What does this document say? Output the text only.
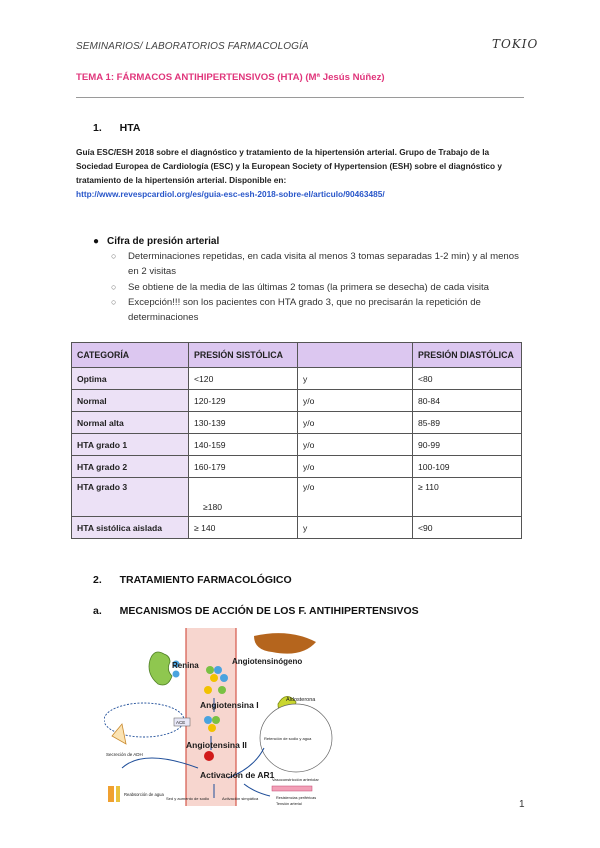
SEMINARIOS/ LABORATORIOS FARMACOLOGÍA	TOKIO
TEMA 1: FÁRMACOS ANTIHIPERTENSIVOS (HTA) (Mª Jesús Núñez)
1. HTA
Guía ESC/ESH 2018 sobre el diagnóstico y tratamiento de la hipertensión arterial. Grupo de Trabajo de la
Sociedad Europea de Cardiología (ESC) y la European Society of Hypertension (ESH) sobre el diagnóstico y
tratamiento de la hipertensión arterial. Disponible en:
http://www.revespcardiol.org/es/guia-esc-esh-2018-sobre-el/articulo/90463485/
● Cifra de presión arterial
○ Determinaciones repetidas, en cada visita al menos 3 tomas separadas 1-2 min) y al menos en 2 visitas
○ Se obtiene de la media de las últimas 2 tomas (la primera se desecha) de cada visita
○ Excepción!!! son los pacientes con HTA grado 3, que no precisarán la repetición de determinaciones
CATEGORÍA	PRESIÓN SISTÓLICA		PRESIÓN DIASTÓLICA
Optima	<120	y	<80
Normal	120-129	y/o	80-84
Normal alta	130-139	y/o	85-89
HTA grado 1	140-159	y/o	90-99
HTA grado 2	160-179	y/o	100-109
HTA grado 3	≥180	y/o	≥ 110
HTA sistólica aislada	≥ 140	y	<90
2. TRATAMIENTO FARMACOLÓGICO
a. MECANISMOS DE ACCIÓN DE LOS F. ANTIHIPERTENSIVOS
Renina	Angiotensinógeno
Angiotensina I
Angiotensina II
Aldosterona
ACE
Activación de AR1
Secreción de ADH
Reabsorción de agua
Retención de sodio y agua
Vasoconstricción arteriolar
Resistencias periféricas
Tensión arterial
Sed y aumento de sodio	Activación simpática
1
